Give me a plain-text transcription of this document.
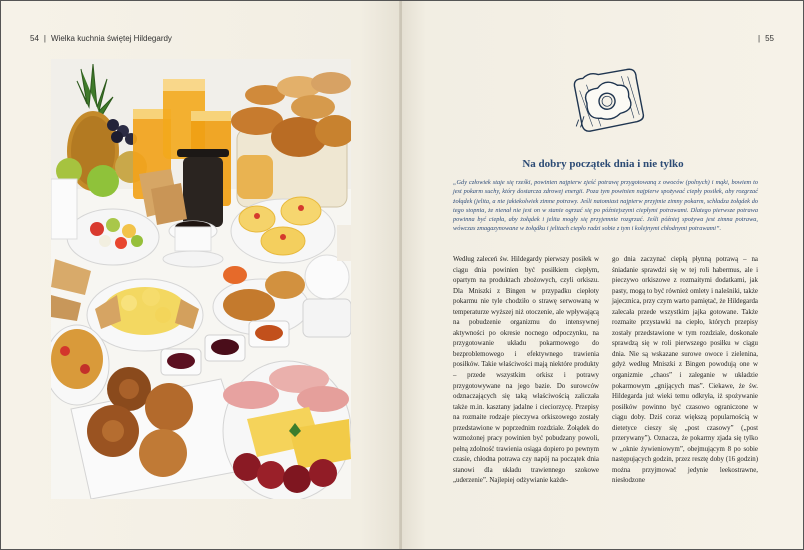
54 | Wielka kuchnia świętej Hildegardy	| 55
Na dobry początek dnia i nie tylko

„Gdy człowiek staje się rześki, powinien najpierw zjeść potrawę przygotowaną z owoców (polnych) i mąki, bowiem to jest pokarm suchy, który dostarcza zdrowej energii. Poza tym powinien najpierw spożywać ciepły posiłek, aby rozgrzać żołądek (jelita, a nie jakiekolwiek zimne potrawy. Jeśli natomiast najpierw przyjmie zimny pokarm, schładza żołądek do tego stopnia, że nienał nie jest on w stanie ogrzać się po późniejszymi ciepłymi potrawami. Dlatego pierwsze potrawa powinna być ciepła, aby żołądek i jelita mogły się przyjemnie rozgrzać. Jeśli później spożywa jest zimna potrawa, wówczas zmagazynowane w żołądku i jelitach ciepło radzi sobie z tym i kolejnymi chłodnymi potrawami”.

Według zaleceń św. Hildegardy pierwszy posiłek w ciągu dnia powinien być posiłkiem ciepłym, opartym na produktach zbożowych, czyli orkiszu. Dla Mniszki z Bingen w przypadku ciepłoty pokarmu nie tyle chodziło o strawę serwowaną w temperaturze wyższej niż otoczenie, ale wpływającą na pobudzenie organizmu do intensywnej aktywności po okresie nocnego odpoczynku, na przygotowanie układu pokarmowego do bezproblemowego i efektywnego trawienia posiłków. Takie właściwości mają niektóre produkty – przede wszystkim orkisz i potrawy przygotowywane na jego bazie. Do surowców odznaczających się taką właściwością zaliczała także m.in. kasztany jadalne i cieciorzycę. Przepisy na rozmaite rodzaje pieczywa orkiszowego zostały przedstawione w poprzednim rozdziale. Żołądek do wzmożonej pracy powinien być pobudzany powoli, pełną zdolność trawienia osiąga dopiero po pewnym czasie, chłodna potrawa czy napój na początek dnia stanowi dla układu trawiennego szokowe „uderzenie”. Najlepiej odżywianie każde-

go dnia zaczynać ciepłą płynną potrawą – na śniadanie sprawdzi się w tej roli habermus, ale i pieczywo orkiszowe z rozmaitymi dodatkami, jak pasty, mogą to być również omlety i naleśniki, także jajecznica, przy czym warto pamiętać, że Hildegarda zalecała przede wszystkim jajka gotowane. Także rozmaite przystawki na ciepło, których przepisy zostały przedstawione w tym rozdziale, doskonale sprawdzą się w roli pierwszego posiłku w ciągu dnia. Nie są wskazane surowe owoce i zielenina, gdyż według Mniszki z Bingen powodują one w organizmie „chaos” i zaleganie w układzie pokarmowym „gnijących mas”. Ciekawe, że św. Hildegarda już wieki temu odkryła, iż spożywanie posiłków powinno być czasowo ograniczone w ciągu doby. Dziś coraz większą popularnością w dietetyce cieszy się „post czasowy” („post przerywany”). Oznacza, że pokarmy zjada się tylko w „oknie żywieniowym”, obejmującym 8 po sobie następujących godzin, przez resztę doby (16 godzin) można przyjmować jedynie leekostrawne, niesłodzone
